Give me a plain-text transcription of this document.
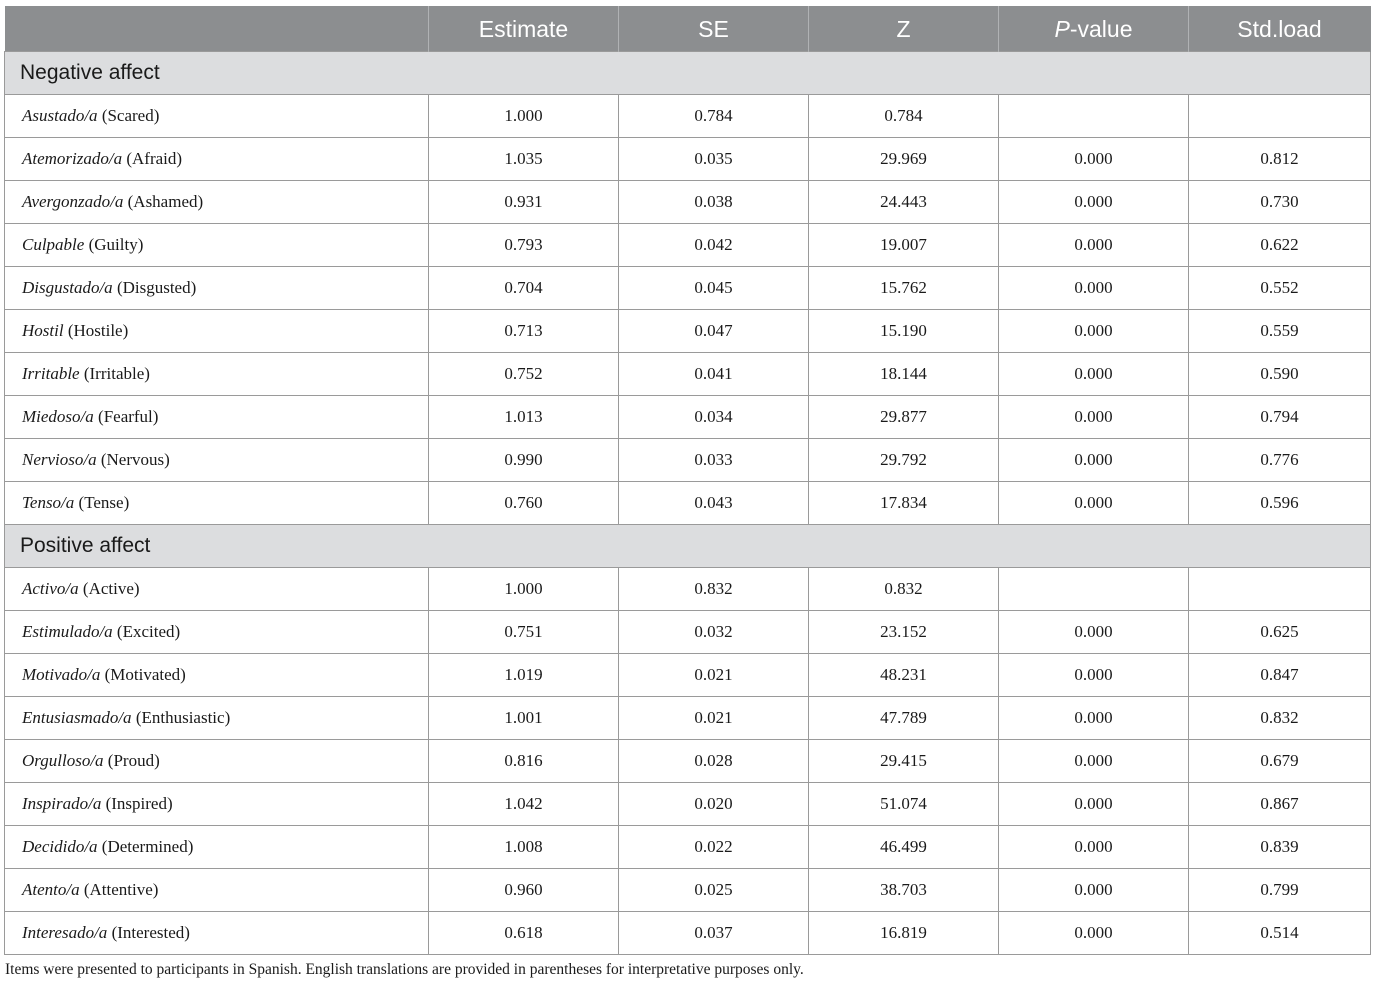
	Estimate	SE	Z	P-value	Std.load
Negative affect					
Asustado/a (Scared)	1.000	0.784	0.784		
Atemorizado/a (Afraid)	1.035	0.035	29.969	0.000	0.812
Avergonzado/a (Ashamed)	0.931	0.038	24.443	0.000	0.730
Culpable (Guilty)	0.793	0.042	19.007	0.000	0.622
Disgustado/a (Disgusted)	0.704	0.045	15.762	0.000	0.552
Hostil (Hostile)	0.713	0.047	15.190	0.000	0.559
Irritable (Irritable)	0.752	0.041	18.144	0.000	0.590
Miedoso/a (Fearful)	1.013	0.034	29.877	0.000	0.794
Nervioso/a (Nervous)	0.990	0.033	29.792	0.000	0.776
Tenso/a (Tense)	0.760	0.043	17.834	0.000	0.596
Positive affect					
Activo/a (Active)	1.000	0.832	0.832		
Estimulado/a (Excited)	0.751	0.032	23.152	0.000	0.625
Motivado/a (Motivated)	1.019	0.021	48.231	0.000	0.847
Entusiasmado/a (Enthusiastic)	1.001	0.021	47.789	0.000	0.832
Orgulloso/a (Proud)	0.816	0.028	29.415	0.000	0.679
Inspirado/a (Inspired)	1.042	0.020	51.074	0.000	0.867
Decidido/a (Determined)	1.008	0.022	46.499	0.000	0.839
Atento/a (Attentive)	0.960	0.025	38.703	0.000	0.799
Interesado/a (Interested)	0.618	0.037	16.819	0.000	0.514
Items were presented to participants in Spanish. English translations are provided in parentheses for interpretative purposes only.
